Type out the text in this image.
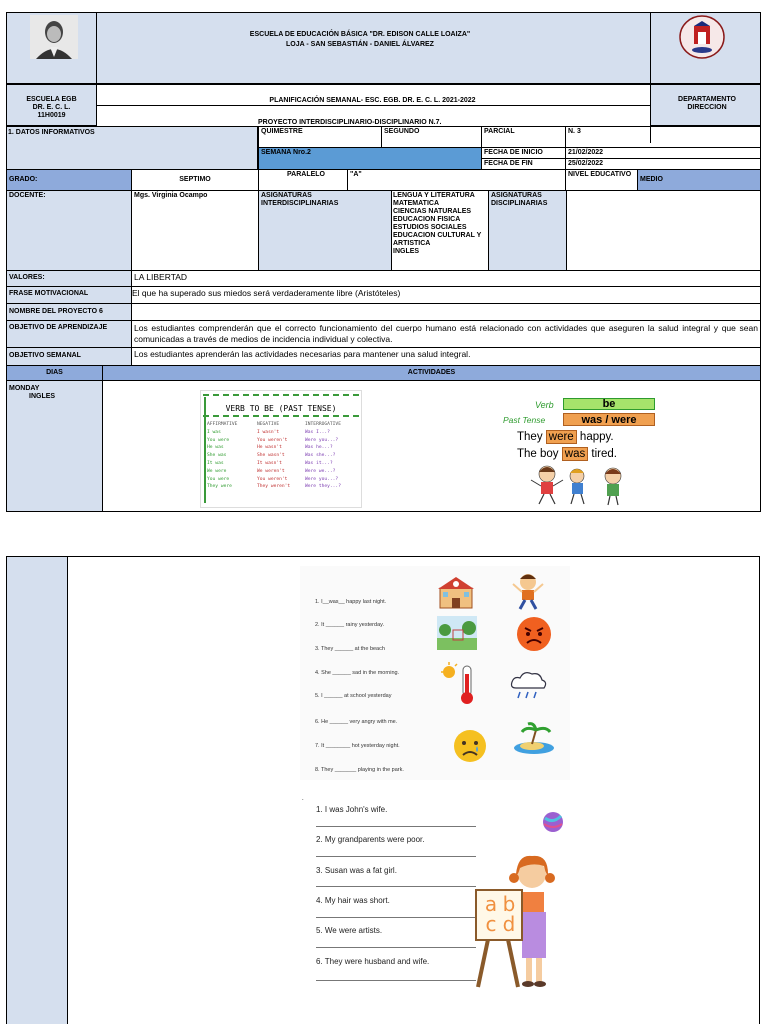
ESCUELA DE EDUCACIÓN BÁSICA "DR. EDISON CALLE LOAIZA"
LOJA - SAN SEBASTIÁN - DANIEL ÁLVAREZ
ESCUELA EGB
DR. E. C. L.
11H0019
PLANIFICACIÓN SEMANAL- ESC. EGB. DR. E. C. L. 2021-2022
PROYECTO INTERDISCIPLINARIO-DISCIPLINARIO N.7.
DEPARTAMENTO DIRECCION
1. DATOS INFORMATIVOS	QUIMESTRE	SEGUNDO	PARCIAL	N. 3
SEMANA Nro.2	FECHA DE INICIO	21/02/2022
FECHA DE FIN	25/02/2022
GRADO:	SEPTIMO
PARALELO	"A"	NIVEL EDUCATIVO
MEDIO
DOCENTE:	Mgs. Virginia Ocampo	ASIGNATURAS INTERDISCIPLINARIAS
LENGUA Y LITERATURA
MATEMATICA
CIENCIAS NATURALES
EDUCACION FISICA
ESTUDIOS SOCIALES
EDUCACION CULTURAL Y ARTISTICA
INGLES
ASIGNATURAS DISCIPLINARIAS
VALORES:	LA LIBERTAD
FRASE MOTIVACIONAL	El que ha superado sus miedos será verdaderamente libre (Aristóteles)
NOMBRE DEL PROYECTO 6
OBJETIVO DE APRENDIZAJE	Los estudiantes comprenderán que el correcto funcionamiento del cuerpo humano está relacionado con actividades que aseguren la salud integral y que sean comunicadas a través de medios de incidencia individual y colectiva.
OBJETIVO SEMANAL	Los estudiantes aprenderán las actividades necesarias para mantener una salud integral.
DIAS	ACTIVIDADES
MONDAY
INGLES
VERB TO BE (PAST TENSE)
AFFIRMATIVE	NEGATIVE	INTERROGATIVE
I was	I wasn't	Was I...?
You were	You weren't	Were you...?
He was	He wasn't	Was he...?
She was	She wasn't	Was she...?
It was	It wasn't	Was it...?
We were	We weren't	Were we...?
You were	You weren't	Were you...?
They were	They weren't	Were they...?
Verb	be
Past Tense	was / were
They were happy.
The boy was tired.
1. I__was__ happy last night.
2. It ______ rainy yesterday.
3. They ______ at the beach
4. She ______ sad in the morning.
5. I ______ at school yesterday
6. He ______ very angry with me.
7. It ________ hot yesterday night.
8. They _______ playing in the park.
.
1. I was John's wife.
2. My grandparents were poor.
3. Susan was a fat girl.
4. My hair was short.
5. We were artists.
6. They were husband and wife.
a b
c d
